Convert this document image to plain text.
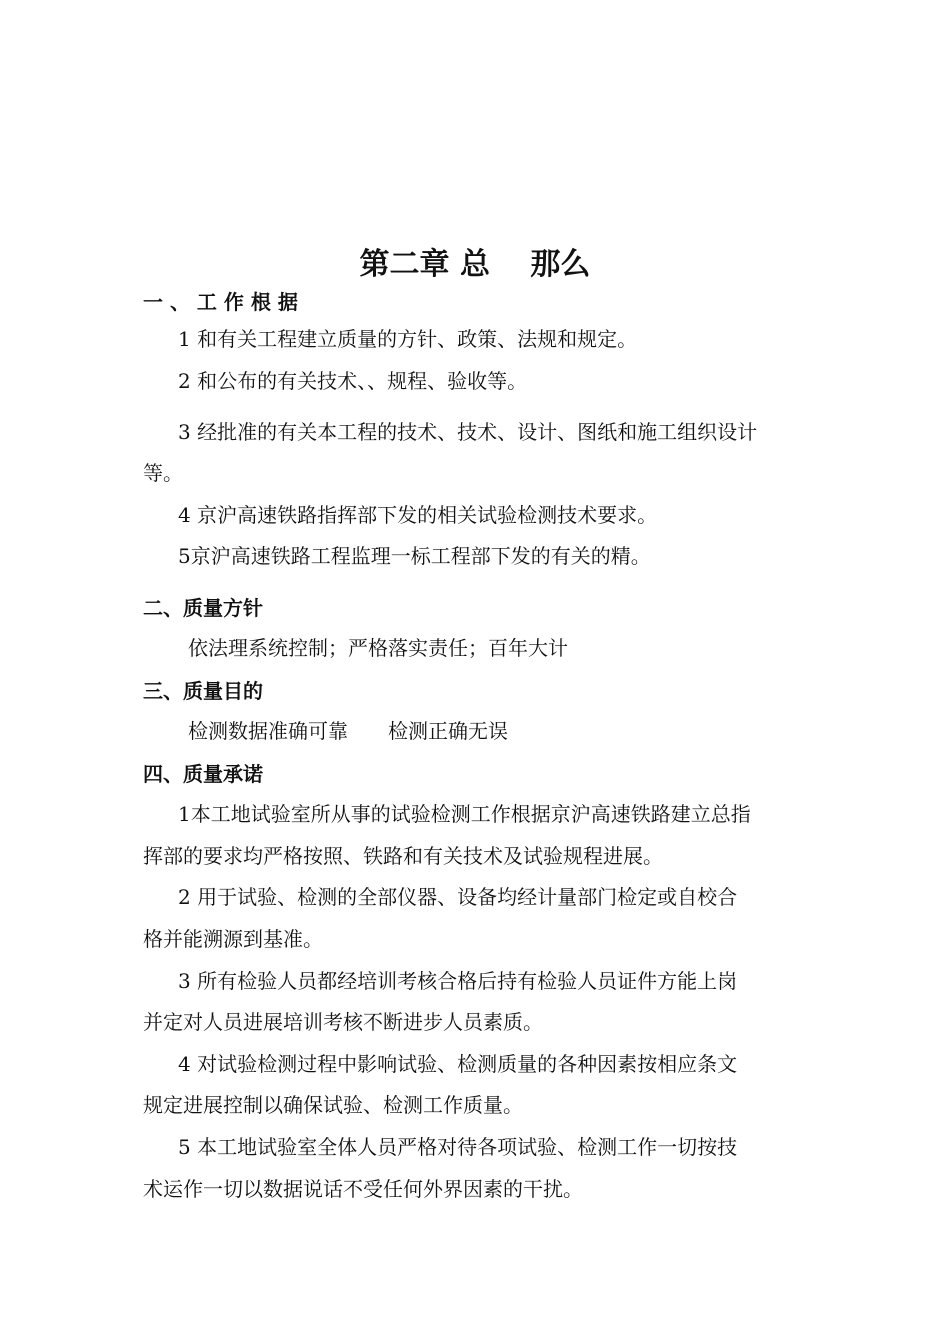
第二章 总　 那么
一 、 工 作 根 据
1 和有关工程建立质量的方针、政策、法规和规定。
2 和公布的有关技术、、规程、验收等。
3 经批准的有关本工程的技术、技术、设计、图纸和施工组织设计
等。
4 京沪高速铁路指挥部下发的相关试验检测技术要求。
5京沪高速铁路工程监理一标工程部下发的有关的精。
二、质量方针
依法理系统控制；严格落实责任；百年大计
三、质量目的
检测数据准确可靠　　检测正确无误
四、质量承诺
1本工地试验室所从事的试验检测工作根据京沪高速铁路建立总指
挥部的要求均严格按照、铁路和有关技术及试验规程进展。
2 用于试验、检测的全部仪器、设备均经计量部门检定或自校合
格并能溯源到基准。
3 所有检验人员都经培训考核合格后持有检验人员证件方能上岗
并定对人员进展培训考核不断进步人员素质。
4 对试验检测过程中影响试验、检测质量的各种因素按相应条文
规定进展控制以确保试验、检测工作质量。
5 本工地试验室全体人员严格对待各项试验、检测工作一切按技
术运作一切以数据说话不受任何外界因素的干扰。
